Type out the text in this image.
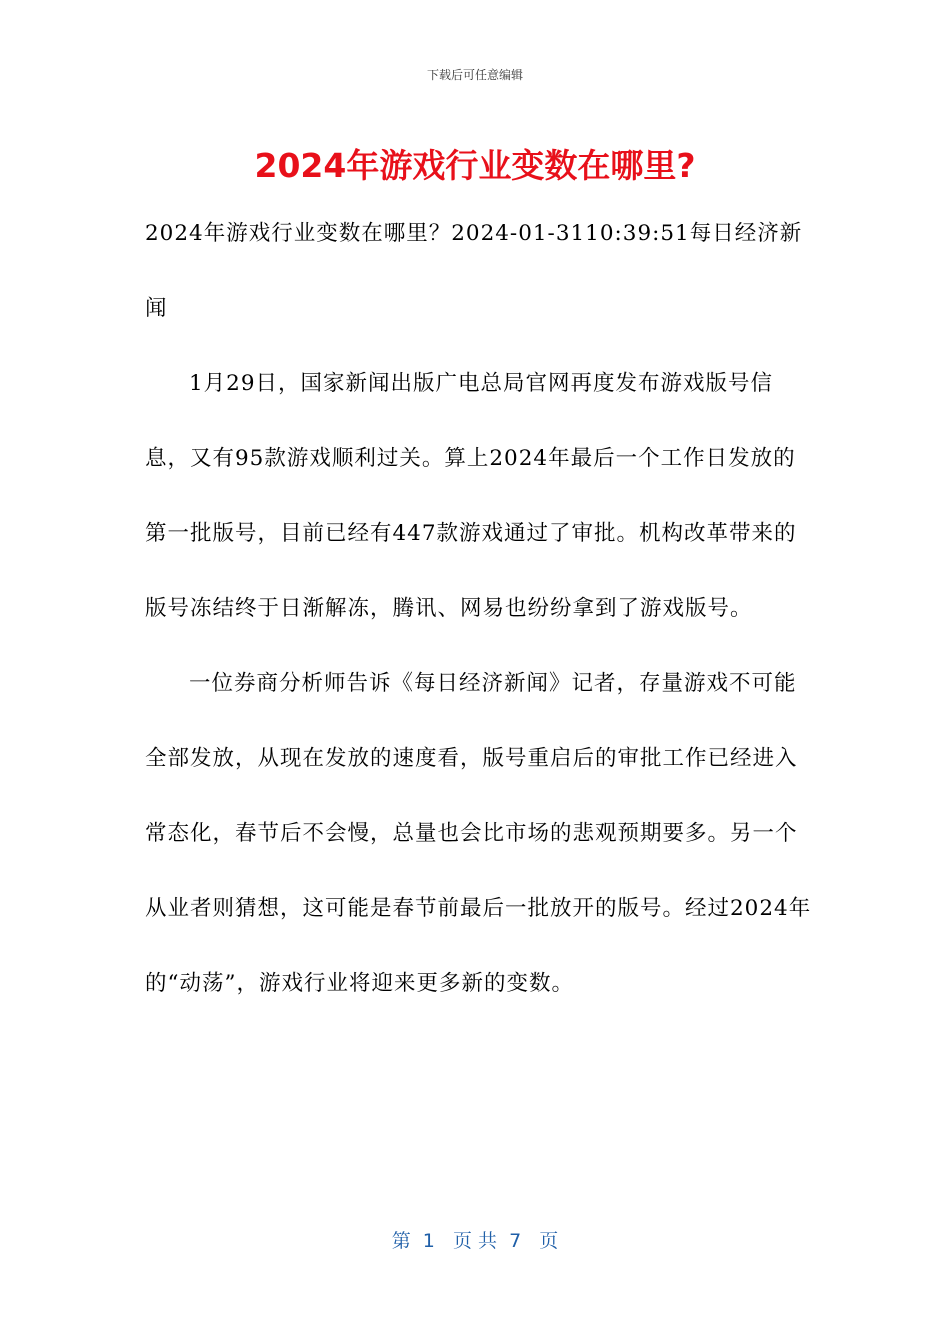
下载后可任意编辑
2024年游戏行业变数在哪里?

2024年游戏行业变数在哪里？2024-01-3110:39:51每日经济新闻

1月29日，国家新闻出版广电总局官网再度发布游戏版号信息，又有95款游戏顺利过关。算上2024年最后一个工作日发放的第一批版号，目前已经有447款游戏通过了审批。机构改革带来的版号冻结终于日渐解冻，腾讯、网易也纷纷拿到了游戏版号。

一位券商分析师告诉《每日经济新闻》记者，存量游戏不可能全部发放，从现在发放的速度看，版号重启后的审批工作已经进入常态化，春节后不会慢，总量也会比市场的悲观预期要多。另一个从业者则猜想，这可能是春节前最后一批放开的版号。经过2024年的“动荡”，游戏行业将迎来更多新的变数。

第  1   页 共  7   页
